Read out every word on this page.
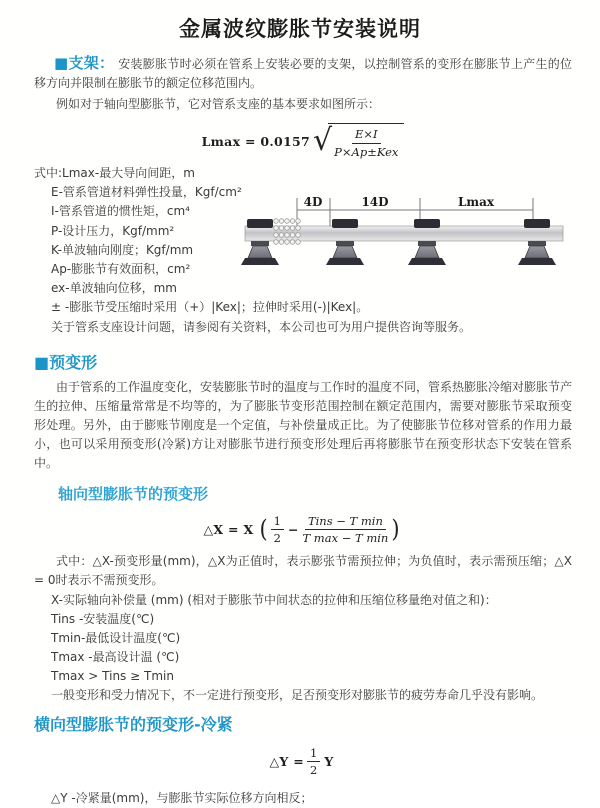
金属波纹膨胀节安装说明

■支架： 安装膨胀节时必须在管系上安装必要的支架，以控制管系的变形在膨胀节上产生的位移方向并限制在膨胀节的额定位移范围内。

例如对于轴向型膨胀节，它对管系支座的基本要求如图所示：

Lmax = 0.0157 √ $\frac{E\times I}{\text{P×Ap±Kex}}$
式中:Lmax-最大导向间距，m
E-管系管道材料弹性投量，Kgf/cm²
I-管系管道的惯性矩，cm⁴
P-设计压力，Kgf/mm²
K-单波轴向刚度；Kgf/mm
Ap-膨胀节有效面积，cm²
ex-单波轴向位移，mm
± -膨胀节受压缩时采用（+）|Kex|；拉伸时采用(-)|Kex|。
关于管系支座设计问题，请参阅有关资料，本公司也可为用户提供咨询等服务。
4D	14D	Lmax
■预变形

由于管系的工作温度变化，安装膨胀节时的温度与工作时的温度不同，管系热膨胀冷缩对膨胀节产生的拉伸、压缩量常常是不均等的，为了膨胀节变形范围控制在额定范围内，需要对膨胀节采取预变形处理。另外，由于膨账节刚度是一个定值，与补偿量成正比。为了使膨胀节位移对管系的作用力最小，也可以采用预变形(冷紧)方让对膨胀节进行预变形处理后再将膨胀节在预变形状态下安装在管系中。

轴向型膨胀节的预变形
△X = X ( $\frac{1}{2} - \frac{\text{Tins − T min}}{\text{T max − T min}}$ )

式中：△X-预变形量(mm)，△X为正值时，表示膨张节需预拉伸；为负值时，表示需预压缩；△X = 0时表示不需预变形。

X-实际轴向补偿量 (mm) (相对于膨胀节中间状态的拉伸和压缩位移量绝对值之和)：
Tins -安装温度(℃)
Tmin-最低设计温度(℃)
Tmax -最高设计温 (℃)
Tmax > Tins ≥ Tmin
一般变形和受力情况下，不一定进行预变形，足否预变形对膨胀节的疲劳寿命几乎没有影响。
横向型膨胀节的预变形-冷紧
△Y = $\frac{1}{2}$ Y

△Y -冷紧量(mm)，与膨胀节实际位移方向相反；
